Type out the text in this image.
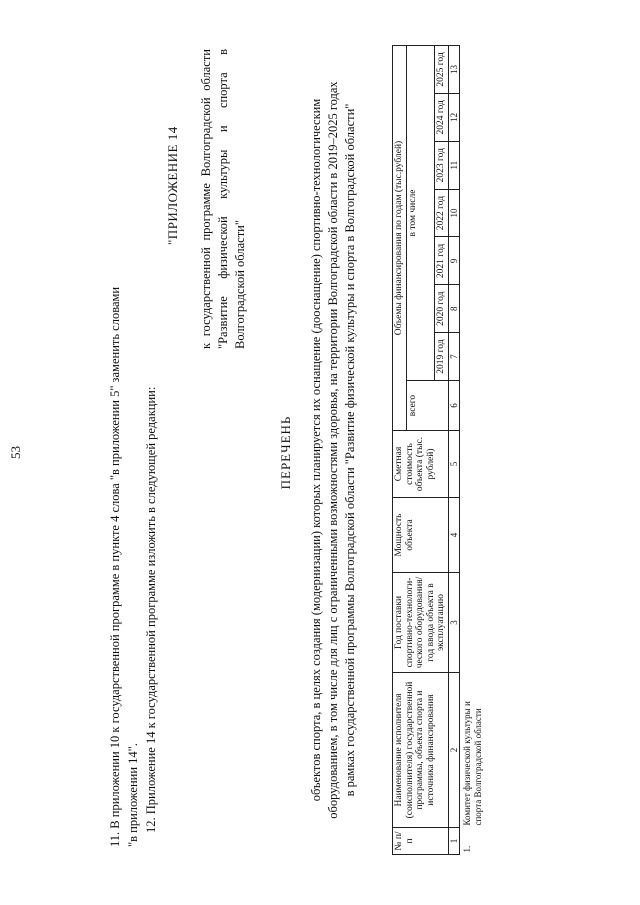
53	11. В приложении 10 к государственной программе в пункте 4 слова "в приложении 5" заменить словами "в приложении 14". 12. Приложение 14 к государственной программе изложить в следующей редакции:
"ПРИЛОЖЕНИЕ 14 к государственной программе Волгоградской области "Развитие физической культуры и спорта в Волгоградской области"
ПЕРЕЧЕНЬ объектов спорта, в целях создания (модернизации) которых планируется их оснащение (дооснащение) спортивно-технологическим оборудованием, в том числе для лиц с ограниченными возможностями здоровья, на территории Волгоградской области в 2019–2025 годах в рамках государственной программы Волгоградской области "Развитие физической культуры и спорта в Волгоградской области"
№ п/п	Наименование исполнителя (соисполнителя) государственной программы, объекта спорта и источника финансирования	Год поставки спортивно-технологи-ческого оборудования/ год ввода объекта в эксплуатацию	Мощность объекта	Сметная стоимость объекта (тыс. рублей)	Объемы финансирования по годам (тыс.рублей)							
					всего	в том числе						
						2019 год	2020 год	2021 год	2022 год	2023 год	2024 год	2025 год
1	2	3	4	5	6	7	8	9	10	11	12	13
1.	Комитет физической культуры и спорта Волгоградской области											
